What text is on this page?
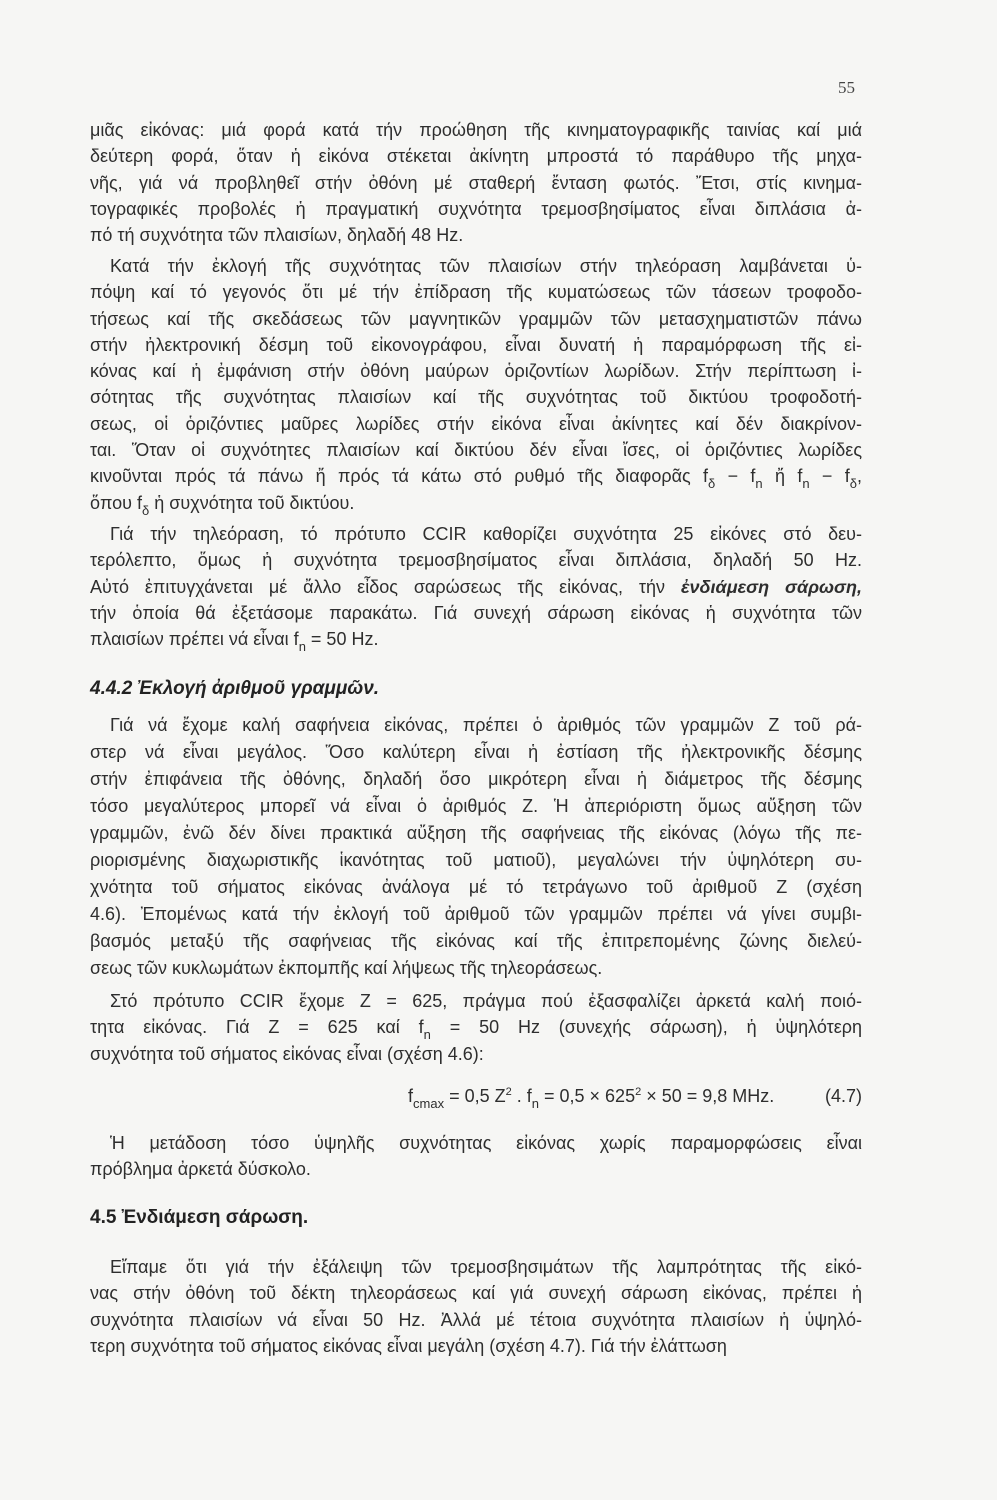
55
μιᾶς εἰκόνας: μιά φορά κατά τήν προώθηση τῆς κινηματογραφικῆς ταινίας καί μιά
δεύτερη φορά, ὅταν ἡ εἰκόνα στέκεται ἀκίνητη μπροστά τό παράθυρο τῆς μηχα-
νῆς, γιά νά προβληθεῖ στήν ὀθόνη μέ σταθερή ἔνταση φωτός. Ἔτσι, στίς κινημα-
τογραφικές προβολές ἡ πραγματική συχνότητα τρεμοσβησίματος εἶναι διπλάσια ἀ-
πό τή συχνότητα τῶν πλαισίων, δηλαδή 48 Hz.
Κατά τήν ἐκλογή τῆς συχνότητας τῶν πλαισίων στήν τηλεόραση λαμβάνεται ὑ-
πόψη καί τό γεγονός ὅτι μέ τήν ἐπίδραση τῆς κυματώσεως τῶν τάσεων τροφοδο-
τήσεως καί τῆς σκεδάσεως τῶν μαγνητικῶν γραμμῶν τῶν μετασχηματιστῶν πάνω
στήν ἠλεκτρονική δέσμη τοῦ εἰκονογράφου, εἶναι δυνατή ἡ παραμόρφωση τῆς εἰ-
κόνας καί ἡ ἐμφάνιση στήν ὀθόνη μαύρων ὁριζοντίων λωρίδων. Στήν περίπτωση ἰ-
σότητας τῆς συχνότητας πλαισίων καί τῆς συχνότητας τοῦ δικτύου τροφοδοτή-
σεως, οἱ ὁριζόντιες μαῦρες λωρίδες στήν εἰκόνα εἶναι ἀκίνητες καί δέν διακρίνον-
ται. Ὅταν οἱ συχνότητες πλαισίων καί δικτύου δέν εἶναι ἴσες, οἱ ὁριζόντιες λωρίδες
κινοῦνται πρός τά πάνω ἤ πρός τά κάτω στό ρυθμό τῆς διαφορᾶς $f_\delta - f_n$ ἤ $f_n - f_\delta$,
ὅπου $f_\delta$ ἡ συχνότητα τοῦ δικτύου.
Γιά τήν τηλεόραση, τό πρότυπο CCIR καθορίζει συχνότητα 25 εἰκόνες στό δευ-
τερόλεπτο, ὅμως ἡ συχνότητα τρεμοσβησίματος εἶναι διπλάσια, δηλαδή 50 Hz.
Αὐτό ἐπιτυγχάνεται μέ ἄλλο εἶδος σαρώσεως τῆς εἰκόνας, τήν ἐνδιάμεση σάρωση,
τήν ὁποία θά ἐξετάσομε παρακάτω. Γιά συνεχή σάρωση εἰκόνας ἡ συχνότητα τῶν
πλαισίων πρέπει νά εἶναι $f_n = 50$ Hz.
4.4.2 Ἐκλογή ἀριθμοῦ γραμμῶν.
Γιά νά ἔχομε καλή σαφήνεια εἰκόνας, πρέπει ὁ ἀριθμός τῶν γραμμῶν Z τοῦ ρά-
στερ νά εἶναι μεγάλος. Ὅσο καλύτερη εἶναι ἡ ἐστίαση τῆς ἠλεκτρονικῆς δέσμης
στήν ἐπιφάνεια τῆς ὀθόνης, δηλαδή ὅσο μικρότερη εἶναι ἡ διάμετρος τῆς δέσμης
τόσο μεγαλύτερος μπορεῖ νά εἶναι ὁ ἀριθμός Z. Ἡ ἀπεριόριστη ὅμως αὔξηση τῶν
γραμμῶν, ἐνῶ δέν δίνει πρακτικά αὔξηση τῆς σαφήνειας τῆς εἰκόνας (λόγω τῆς πε-
ριορισμένης διαχωριστικῆς ἱκανότητας τοῦ ματιοῦ), μεγαλώνει τήν ὑψηλότερη συ-
χνότητα τοῦ σήματος εἰκόνας ἀνάλογα μέ τό τετράγωνο τοῦ ἀριθμοῦ Z (σχέση
4.6). Ἐπομένως κατά τήν ἐκλογή τοῦ ἀριθμοῦ τῶν γραμμῶν πρέπει νά γίνει συμβι-
βασμός μεταξύ τῆς σαφήνειας τῆς εἰκόνας καί τῆς ἐπιτρεπομένης ζώνης διελεύ-
σεως τῶν κυκλωμάτων ἐκπομπῆς καί λήψεως τῆς τηλεοράσεως.
Στό πρότυπο CCIR ἔχομε Z = 625, πράγμα πού ἐξασφαλίζει ἀρκετά καλή ποιό-
τητα εἰκόνας. Γιά Z = 625 καί $f_n = 50$ Hz (συνεχής σάρωση), ἡ ὑψηλότερη
συχνότητα τοῦ σήματος εἰκόνας εἶναι (σχέση 4.6):
$f_{cmax} = 0,5$ $Z^2$ . $f_n = 0,5 \times 625^2 \times 50 = 9,8$ MHz.	(4.7)
Ἡ μετάδοση τόσο ὑψηλῆς συχνότητας εἰκόνας χωρίς παραμορφώσεις εἶναι
πρόβλημα ἀρκετά δύσκολο.
4.5 Ἐνδιάμεση σάρωση.
Εἴπαμε ὅτι γιά τήν ἐξάλειψη τῶν τρεμοσβησιμάτων τῆς λαμπρότητας τῆς εἰκό-
νας στήν ὀθόνη τοῦ δέκτη τηλεοράσεως καί γιά συνεχή σάρωση εἰκόνας, πρέπει ἡ
συχνότητα πλαισίων νά εἶναι 50 Hz. Ἀλλά μέ τέτοια συχνότητα πλαισίων ἡ ὑψηλό-
τερη συχνότητα τοῦ σήματος εἰκόνας εἶναι μεγάλη (σχέση 4.7). Γιά τήν ἐλάττωση
